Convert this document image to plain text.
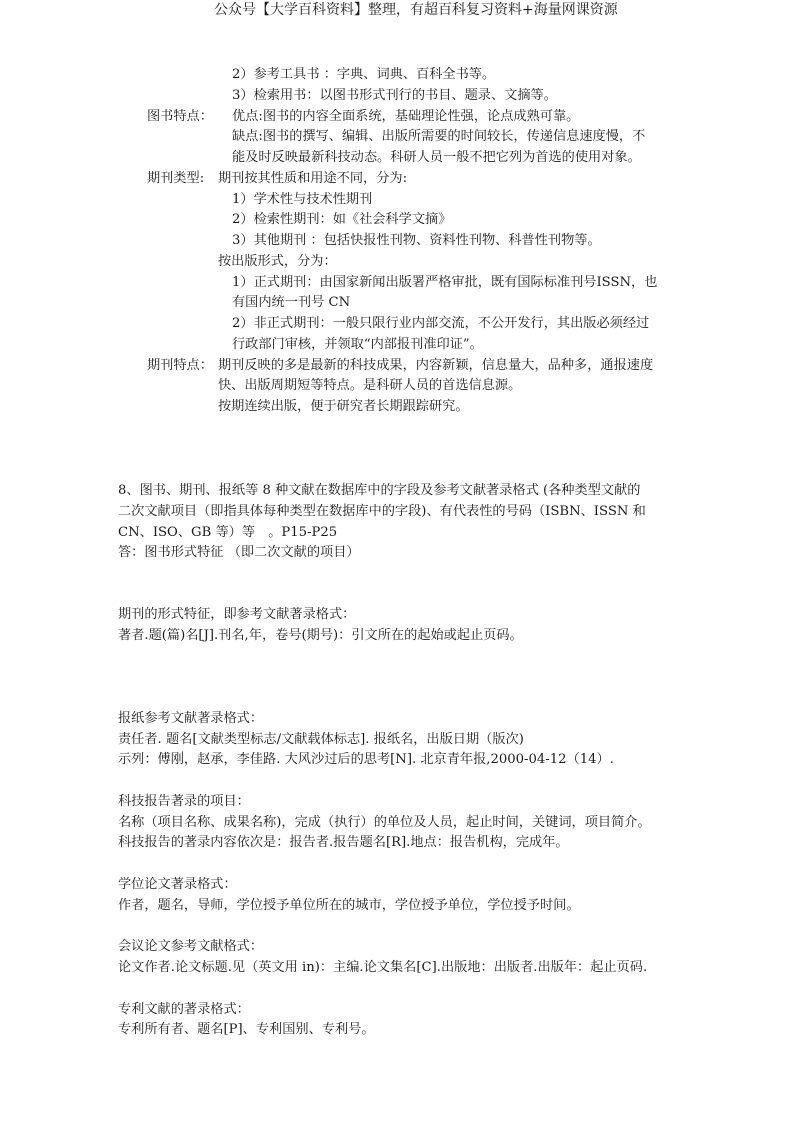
公众号【大学百科资料】整理，有超百科复习资料+海量网课资源
2）参考工具书 ：字典、词典、百科全书等。
3）检索用书：以图书形式刊行的书目、题录、文摘等。
图书特点： 优点:图书的内容全面系统，基础理论性强，论点成熟可靠。
缺点:图书的撰写、编辑、出版所需要的时间较长，传递信息速度慢，不
能及时反映最新科技动态。科研人员一般不把它列为首选的使用对象。
期刊类型: 期刊按其性质和用途不同，分为:
1）学术性与技术性期刊
2）检索性期刊：如《社会科学文摘》
3）其他期刊 ：包括快报性刊物、资料性刊物、科普性刊物等。
按出版形式，分为：
1）正式期刊：由国家新闻出版署严格审批，既有国际标准刊号ISSN，也
有国内统一刊号 CN
2）非正式期刊：一般只限行业内部交流，不公开发行，其出版必须经过
行政部门审核，并领取“内部报刊准印证”。
期刊特点： 期刊反映的多是最新的科技成果，内容新颖，信息量大，品种多，通报速度
快、出版周期短等特点。是科研人员的首选信息源。
按期连续出版，便于研究者长期跟踪研究。
8、图书、期刊、报纸等 8 种文献在数据库中的字段及参考文献著录格式 (各种类型文献的
二次文献项目（即指具体每种类型在数据库中的字段)、有代表性的号码（ISBN、ISSN 和
CN、ISO、GB 等）等　。P15-P25
答：图书形式特征 （即二次文献的项目）
期刊的形式特征，即参考文献著录格式：
著者.题(篇)名[J].刊名,年，卷号(期号)：引文所在的起始或起止页码。
报纸参考文献著录格式：
责任者. 题名[文献类型标志/文献载体标志]. 报纸名，出版日期（版次)
示列：傅刚，赵承，李佳路. 大风沙过后的思考[N]. 北京青年报,2000-04-12（14）.
科技报告著录的项目：
名称（项目名称、成果名称)，完成（执行）的单位及人员，起止时间，关键词，项目简介。
科技报告的著录内容依次是：报告者.报告题名[R].地点：报告机构，完成年。
学位论文著录格式：
作者，题名，导师，学位授予单位所在的城市，学位授予单位，学位授予时间。
会议论文参考文献格式：
论文作者.论文标题.见（英文用 in)：主编.论文集名[C].出版地：出版者.出版年：起止页码.
专利文献的著录格式：
专利所有者、题名[P]、专利国别、专利号。
